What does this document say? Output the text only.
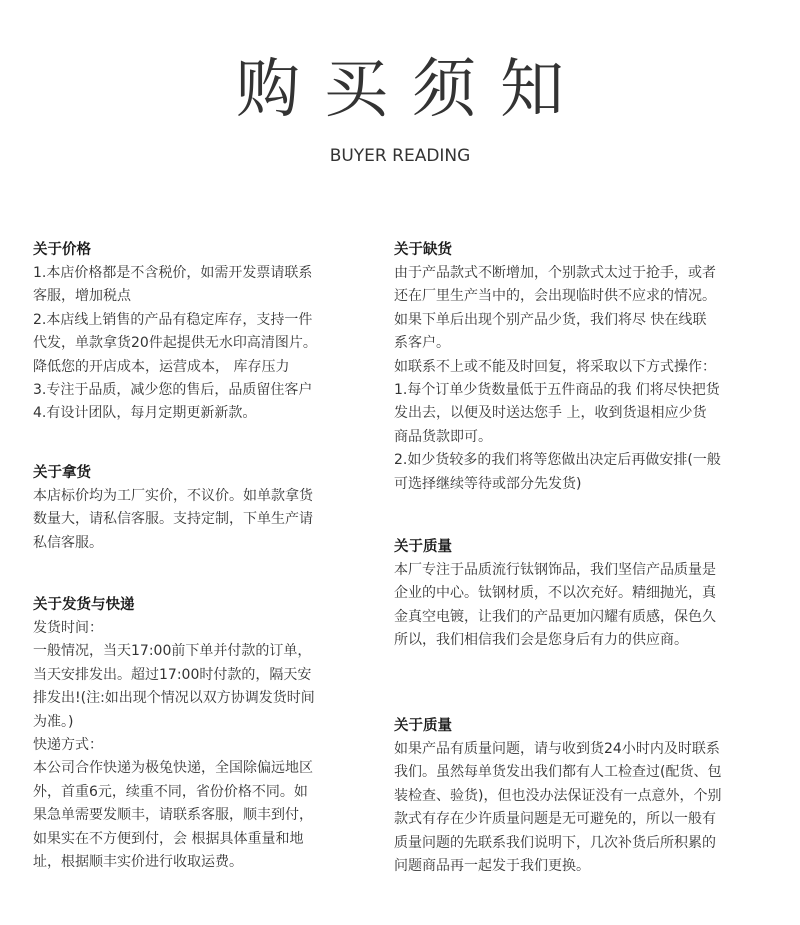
购买须知
BUYER READING
关于价格
1.本店价格都是不含税价，如需开发票请联系
客服，增加税点
2.本店线上销售的产品有稳定库存，支持一件
代发，单款拿货20件起提供无水印高清图片。
降低您的开店成本，运营成本， 库存压力
3.专注于品质，减少您的售后，品质留住客户
4.有设计团队，每月定期更新新款。
关于拿货
本店标价均为工厂实价，不议价。如单款拿货
数量大，请私信客服。支持定制，下单生产请
私信客服。
关于发货与快递
发货时间：
一般情况，当天17:00前下单并付款的订单，
当天安排发出。超过17:00时付款的，隔天安
排发出!(注:如出现个情况以双方协调发货时间
为准。)
快递方式：
本公司合作快递为极兔快递，全国除偏远地区
外，首重6元，续重不同，省份价格不同。如
果急单需要发顺丰，请联系客服，顺丰到付，
如果实在不方便到付，会 根据具体重量和地
址，根据顺丰实价进行收取运费。
关于缺货
由于产品款式不断增加，个别款式太过于抢手，或者
还在厂里生产当中的，会出现临时供不应求的情况。
如果下单后出现个别产品少货，我们将尽 快在线联
系客户。
如联系不上或不能及时回复，将采取以下方式操作：
1.每个订单少货数量低于五件商品的我 们将尽快把货
发出去，以便及时送达您手 上，收到货退相应少货
商品货款即可。
2.如少货较多的我们将等您做出决定后再做安排(一般
可选择继续等待或部分先发货)
关于质量
本厂专注于品质流行钛钢饰品，我们坚信产品质量是
企业的中心。钛钢材质，不以次充好。精细抛光，真
金真空电镀，让我们的产品更加闪耀有质感，保色久
所以，我们相信我们会是您身后有力的供应商。
关于质量
如果产品有质量问题，请与收到货24小时内及时联系
我们。虽然每单货发出我们都有人工检查过(配货、包
装检查、验货)，但也没办法保证没有一点意外，个别
款式有存在少许质量问题是无可避免的，所以一般有
质量问题的先联系我们说明下，几次补货后所积累的
问题商品再一起发于我们更换。
